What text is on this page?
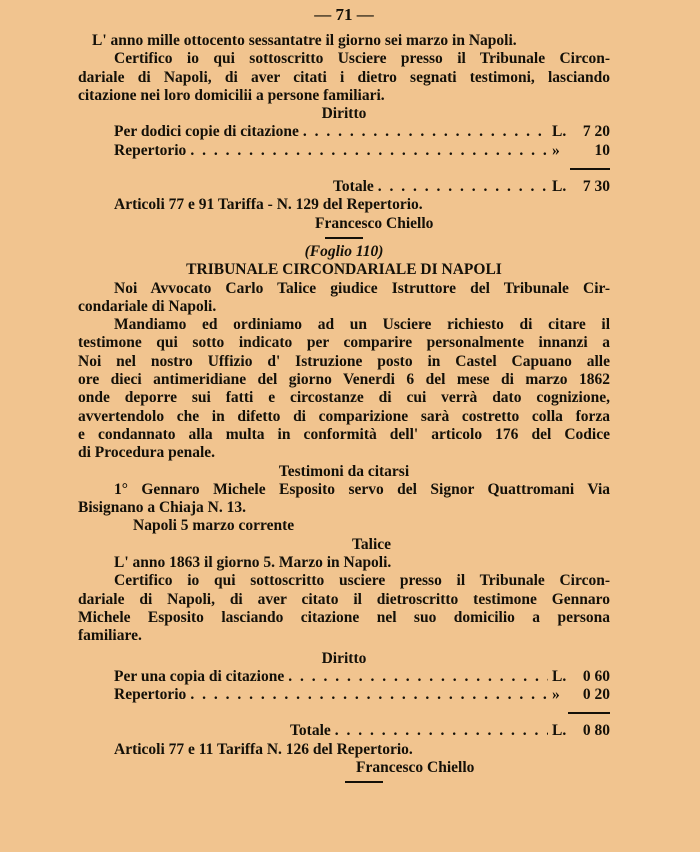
— 71 —
L' anno mille ottocento sessantatre il giorno sei marzo in Napoli.
Certifico io qui sottoscritto Usciere presso il Tribunale Circon-
dariale di Napoli, di aver citati i dietro segnati testimoni, lasciando
citazione nei loro domicilii a persone familiari.
Diritto
Per dodici copie di citazione . . .	L.	7 20
Repertorio . . .	»	10
Totale . . .	L.	7 30
Articoli 77 e 91 Tariffa - N. 129 del Repertorio.
Francesco Chiello
(Foglio 110)
TRIBUNALE CIRCONDARIALE DI NAPOLI
Noi Avvocato Carlo Talice giudice Istruttore del Tribunale Cir-
condariale di Napoli.
Mandiamo ed ordiniamo ad un Usciere richiesto di citare il
testimone qui sotto indicato per comparire personalmente innanzi a
Noi nel nostro Uffizio d' Istruzione posto in Castel Capuano alle
ore dieci antimeridiane del giorno Venerdi 6 del mese di marzo 1862
onde deporre sui fatti e circostanze di cui verrà dato cognizione,
avvertendolo che in difetto di comparizione sarà costretto colla forza
e condannato alla multa in conformità dell' articolo 176 del Codice
di Procedura penale.
Testimoni da citarsi
1° Gennaro Michele Esposito servo del Signor Quattromani Via
Bisignano a Chiaja N. 13.
Napoli 5 marzo corrente
Talice
L' anno 1863 il giorno 5. Marzo in Napoli.
Certifico io qui sottoscritto usciere presso il Tribunale Circon-
dariale di Napoli, di aver citato il dietroscritto testimone Gennaro
Michele Esposito lasciando citazione nel suo domicilio a persona
familiare.
Diritto
Per una copia di citazione . . .	L.	0 60
Repertorio . . .	»	0 20
Totale . . .	L.	0 80
Articoli 77 e 11 Tariffa N. 126 del Repertorio.
Francesco Chiello
